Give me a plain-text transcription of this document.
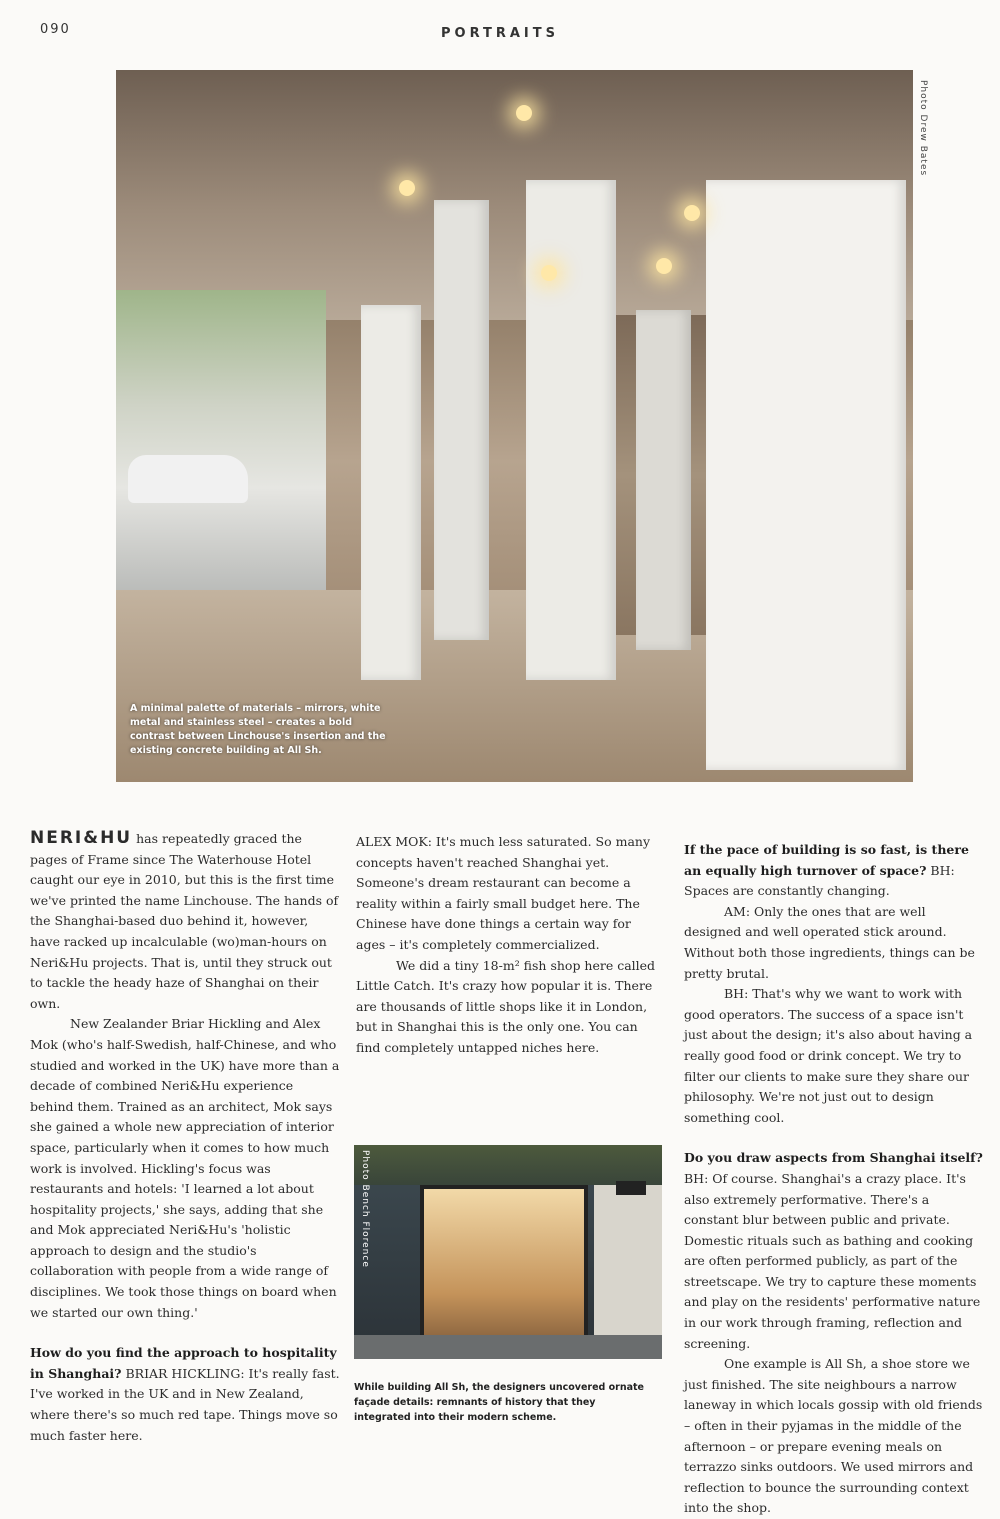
090	PORTRAITS
A minimal palette of materials – mirrors, white metal and stainless steel – creates a bold contrast between Linchouse's insertion and the existing concrete building at All Sh.
Photo Drew Bates

NERI&HU has repeatedly graced the pages of Frame since The Waterhouse Hotel caught our eye in 2010, but this is the first time we've printed the name Linchouse. The hands of the Shanghai-based duo behind it, however, have racked up incalculable (wo)man-hours on Neri&Hu projects. That is, until they struck out to tackle the heady haze of Shanghai on their own.

New Zealander Briar Hickling and Alex Mok (who's half-Swedish, half-Chinese, and who studied and worked in the UK) have more than a decade of combined Neri&Hu experience behind them. Trained as an architect, Mok says she gained a whole new appreciation of interior space, particularly when it comes to how much work is involved. Hickling's focus was restaurants and hotels: 'I learned a lot about hospitality projects,' she says, adding that she and Mok appreciated Neri&Hu's 'holistic approach to design and the studio's collaboration with people from a wide range of disciplines. We took those things on board when we started our own thing.'

How do you find the approach to hospitality in Shanghai? BRIAR HICKLING: It's really fast. I've worked in the UK and in New Zealand, where there's so much red tape. Things move so much faster here.

ALEX MOK: It's much less saturated. So many concepts haven't reached Shanghai yet. Someone's dream restaurant can become a reality within a fairly small budget here. The Chinese have done things a certain way for ages – it's completely commercialized.

We did a tiny 18-m² fish shop here called Little Catch. It's crazy how popular it is. There are thousands of little shops like it in London, but in Shanghai this is the only one. You can find completely untapped niches here.

Photo Bench Florence
While building All Sh, the designers uncovered ornate façade details: remnants of history that they integrated into their modern scheme.

If the pace of building is so fast, is there an equally high turnover of space? BH: Spaces are constantly changing.

AM: Only the ones that are well designed and well operated stick around. Without both those ingredients, things can be pretty brutal.

BH: That's why we want to work with good operators. The success of a space isn't just about the design; it's also about having a really good food or drink concept. We try to filter our clients to make sure they share our philosophy. We're not just out to design something cool.

Do you draw aspects from Shanghai itself? BH: Of course. Shanghai's a crazy place. It's also extremely performative. There's a constant blur between public and private. Domestic rituals such as bathing and cooking are often performed publicly, as part of the streetscape. We try to capture these moments and play on the residents' performative nature in our work through framing, reflection and screening.

One example is All Sh, a shoe store we just finished. The site neighbours a narrow laneway in which locals gossip with old friends – often in their pyjamas in the middle of the afternoon – or prepare evening meals on terrazzo sinks outdoors. We used mirrors and reflection to bounce the surrounding context into the shop.
